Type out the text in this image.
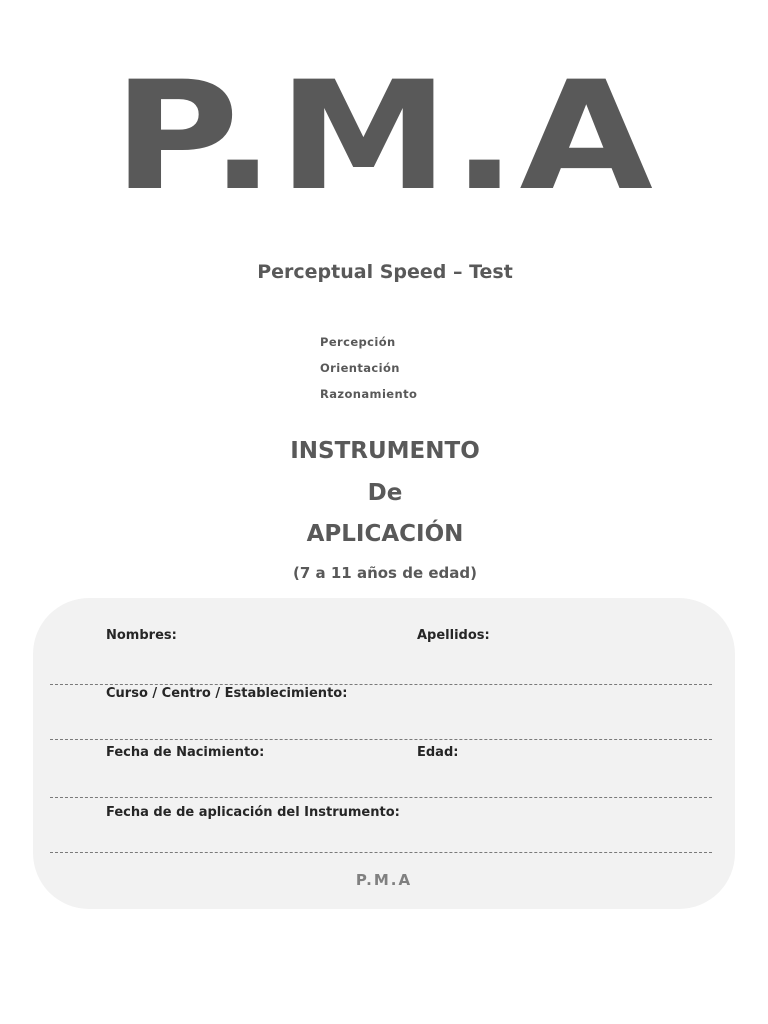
P.M.A
Perceptual Speed – Test
Percepción
Orientación
Razonamiento
INSTRUMENTO
De
APLICACIÓN
(7 a 11 años de edad)
Nombres:	Apellidos:
Curso / Centro / Establecimiento:
Fecha de Nacimiento:	Edad:
Fecha de de aplicación del Instrumento:
P.M.A
